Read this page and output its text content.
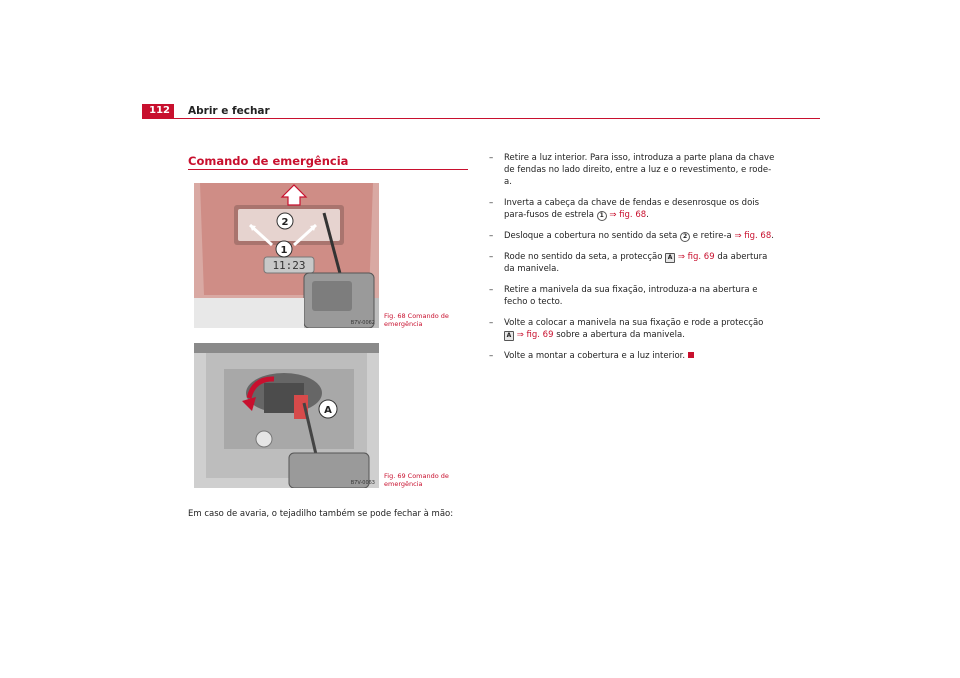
112	Abrir e fechar
Comando de emergência
11:23
2
1
B7V-0062
Fig. 68 Comando de emergência
A
B7V-0063
Fig. 69 Comando de emergência
Em caso de avaria, o tejadilho também se pode fechar à mão:
– Retire a luz interior. Para isso, introduza a parte plana da chave de fendas no lado direito, entre a luz e o revestimento, e rode-a.
– Inverta a cabeça da chave de fendas e desenrosque os dois para-fusos de estrela 1 ⇒ fig. 68.
– Desloque a cobertura no sentido da seta 2 e retire-a ⇒ fig. 68.
– Rode no sentido da seta, a protecção A ⇒ fig. 69 da abertura da manivela.
– Retire a manivela da sua fixação, introduza-a na abertura e fecho o tecto.
– Volte a colocar a manivela na sua fixação e rode a protecção A ⇒ fig. 69 sobre a abertura da manivela.
– Volte a montar a cobertura e a luz interior.
